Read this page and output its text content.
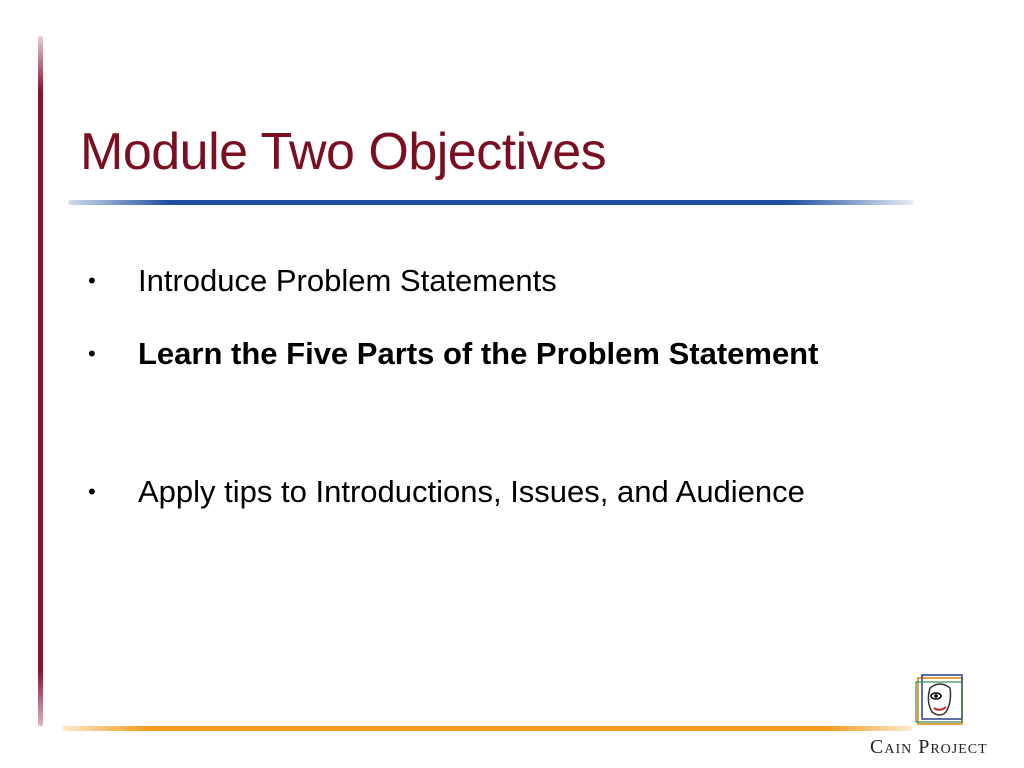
Module Two Objectives
•	Introduce Problem Statements
•	Learn the Five Parts of the Problem Statement
•	Apply tips to Introductions, Issues, and Audience
Cain Project
